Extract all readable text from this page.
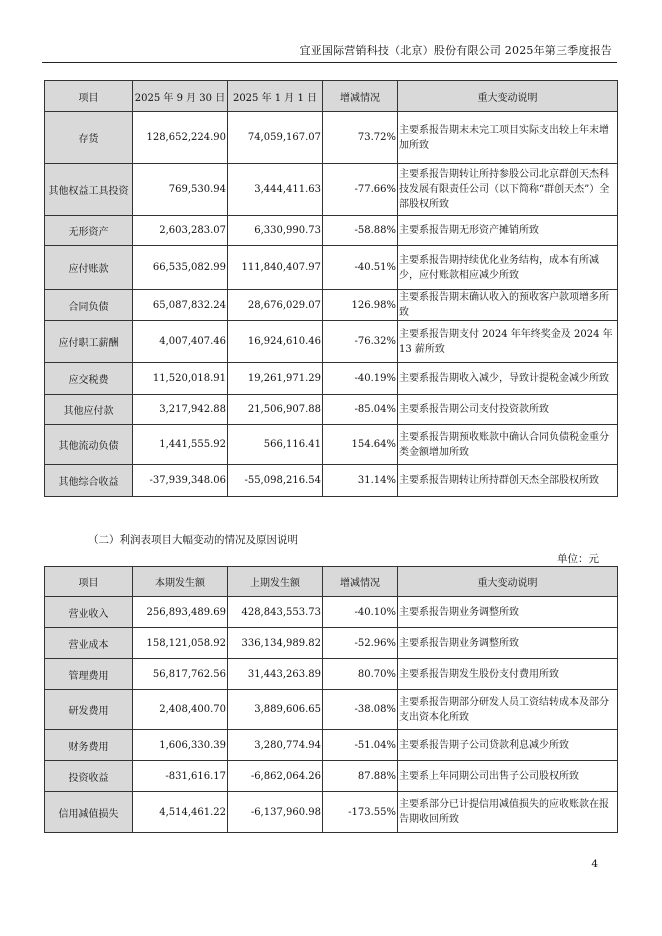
宜亚国际营销科技（北京）股份有限公司 2025年第三季度报告
项目	2025 年 9 月 30 日	2025 年 1 月 1 日	增减情况	重大变动说明
存货	128,652,224.90	74,059,167.07	73.72%	主要系报告期末未完工项目实际支出较上年末增加所致
其他权益工具投资	769,530.94	3,444,411.63	-77.66%	主要系报告期转让所持参股公司北京群创天杰科技发展有限责任公司（以下简称“群创天杰”）全部股权所致
无形资产	2,603,283.07	6,330,990.73	-58.88%	主要系报告期无形资产摊销所致
应付账款	66,535,082.99	111,840,407.97	-40.51%	主要系报告期持续优化业务结构，成本有所减少，应付账款相应减少所致
合同负债	65,087,832.24	28,676,029.07	126.98%	主要系报告期末确认收入的预收客户款项增多所致
应付职工薪酬	4,007,407.46	16,924,610.46	-76.32%	主要系报告期支付 2024 年年终奖金及 2024 年 13 薪所致
应交税费	11,520,018.91	19,261,971.29	-40.19%	主要系报告期收入减少，导致计提税金减少所致
其他应付款	3,217,942.88	21,506,907.88	-85.04%	主要系报告期公司支付投资款所致
其他流动负债	1,441,555.92	566,116.41	154.64%	主要系报告期预收账款中确认合同负债税金重分类金额增加所致
其他综合收益	-37,939,348.06	-55,098,216.54	31.14%	主要系报告期转让所持群创天杰全部股权所致
（二）利润表项目大幅变动的情况及原因说明
单位：元
项目	本期发生额	上期发生额	增减情况	重大变动说明
营业收入	256,893,489.69	428,843,553.73	-40.10%	主要系报告期业务调整所致
营业成本	158,121,058.92	336,134,989.82	-52.96%	主要系报告期业务调整所致
管理费用	56,817,762.56	31,443,263.89	80.70%	主要系报告期发生股份支付费用所致
研发费用	2,408,400.70	3,889,606.65	-38.08%	主要系报告期部分研发人员工资结转成本及部分支出资本化所致
财务费用	1,606,330.39	3,280,774.94	-51.04%	主要系报告期子公司贷款利息减少所致
投资收益	-831,616.17	-6,862,064.26	87.88%	主要系上年同期公司出售子公司股权所致
信用减值损失	4,514,461.22	-6,137,960.98	-173.55%	主要系部分已计提信用减值损失的应收账款在报告期收回所致
4
